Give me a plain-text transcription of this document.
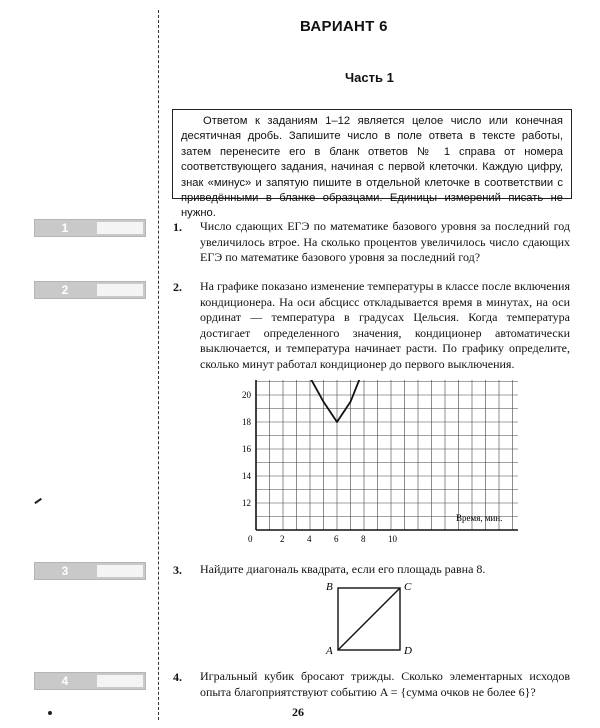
ВАРИАНТ 6
Часть 1
Ответом к заданиям 1–12 является целое число или конечная десятичная дробь. Запишите число в поле ответа в тексте работы, затем перенесите его в бланк ответов № 1 справа от номера соответствующего задания, начиная с первой клеточки. Каждую цифру, знак «минус» и запятую пишите в отдельной клеточке в соответствии с приведёнными в бланке образцами. Единицы измерений писать не нужно.
1
2
3
4
1. Число сдающих ЕГЭ по математике базового уровня за последний год увеличилось втрое. На сколько процентов увеличилось число сдающих ЕГЭ по математике базового уровня за последний год?
2. На графике показано изменение температуры в классе после включения кондиционера. На оси абсцисс откладывается время в минутах, на оси ординат — температура в градусах Цельсия. Когда температура достигает определенного значения, кондиционер автоматически выключается, и температура начинает расти. По графику определите, сколько минут работал кондиционер до первого выключения.
0	2	4	6	8	10
12
14
16
18
20
Время, мин.
3. Найдите диагональ квадрата, если его площадь равна 8.
B	C
A	D
4. Игральный кубик бросают трижды. Сколько элементарных исходов опыта благоприятствуют событию A = {сумма очков не более 6}?
26
